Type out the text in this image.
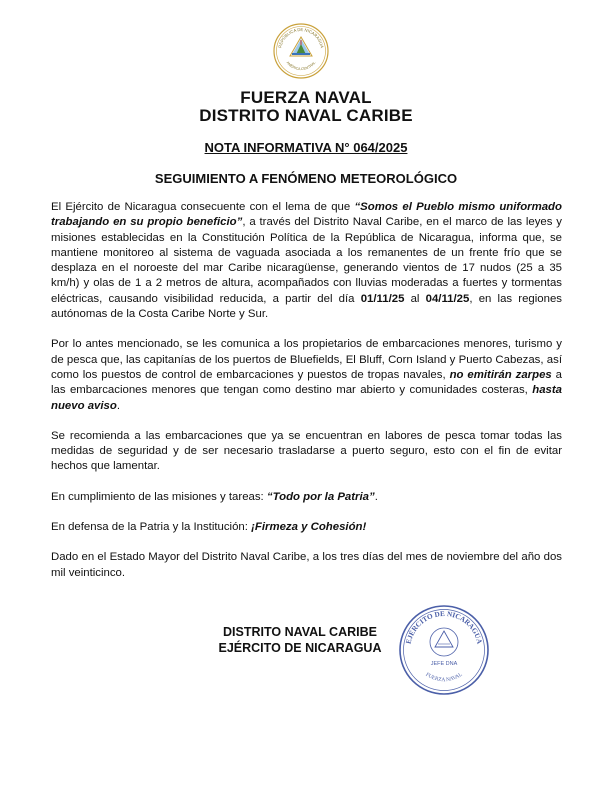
REPÚBLICA DE NICARAGUA
AMÉRICA CENTRAL
FUERZA NAVAL
DISTRITO NAVAL CARIBE
NOTA INFORMATIVA N° 064/2025
SEGUIMIENTO A FENÓMENO METEOROLÓGICO

El Ejército de Nicaragua consecuente con el lema de que “Somos el Pueblo mismo uniformado trabajando en su propio beneficio”, a través del Distrito Naval Caribe, en el marco de las leyes y misiones establecidas en la Constitución Política de la República de Nicaragua, informa que, se mantiene monitoreo al sistema de vaguada asociada a los remanentes de un frente frío que se desplaza en el noroeste del mar Caribe nicaragüense, generando vientos de 17 nudos (25 a 35 km/h) y olas de 1 a 2 metros de altura, acompañados con lluvias moderadas a fuertes y tormentas eléctricas, causando visibilidad reducida, a partir del día 01/11/25 al 04/11/25, en las regiones autónomas de la Costa Caribe Norte y Sur.

Por lo antes mencionado, se les comunica a los propietarios de embarcaciones menores, turismo y de pesca que, las capitanías de los puertos de Bluefields, El Bluff, Corn Island y Puerto Cabezas, así como los puestos de control de embarcaciones y puestos de tropas navales, no emitirán zarpes a las embarcaciones menores que tengan como destino mar abierto y comunidades costeras, hasta nuevo aviso.

Se recomienda a las embarcaciones que ya se encuentran en labores de pesca tomar todas las medidas de seguridad y de ser necesario trasladarse a puerto seguro, esto con el fin de evitar hechos que lamentar.

En cumplimiento de las misiones y tareas: “Todo por la Patria”.

En defensa de la Patria y la Institución: ¡Firmeza y Cohesión!

Dado en el Estado Mayor del Distrito Naval Caribe, a los tres días del mes de noviembre del año dos mil veinticinco.

DISTRITO NAVAL CARIBE
EJÉRCITO DE NICARAGUA	EJÉRCITO DE NICARAGUA
FUERZA NAVAL
JEFE DNA
